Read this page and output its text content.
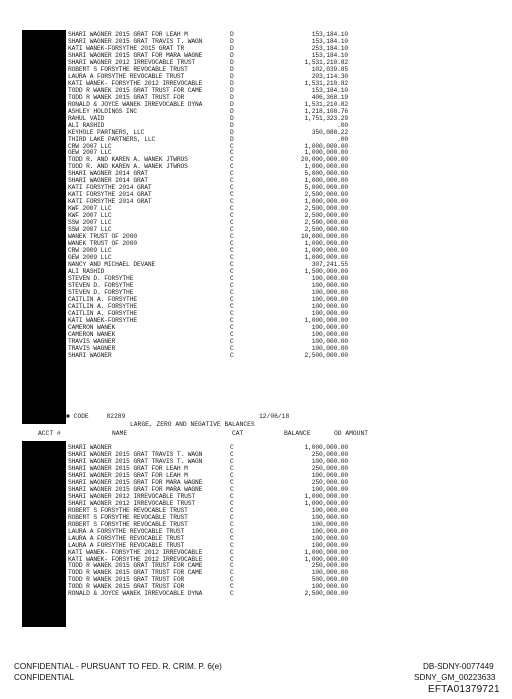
SHARI WAGNER 2015 GRAT FOR LEAH M	D	153,184.10
SHARI WAGNER 2015 GRAT TRAVIS T. WAGN	D	153,184.10
KATI WANEK-FORSYTHE 2015 GRAT TR	D	253,184.10
SHARI WAGNER 2015 GRAT FOR MARA WAGNE	D	153,184.10
SHARI WAGNER 2012 IRREVOCABLE TRUST	D	1,531,210.82
ROBERT S FORSYTHE REVOCABLE TRUST	D	102,039.85
LAURA A FORSYTHE REVOCABLE TRUST	D	203,114.30
KATI WANEK- FORSYTHE 2012 IRREVOCABLE	D	1,531,210.82
TODD R WANEK 2015 GRAT TRUST FOR CAME	D	153,184.10
TODD R WANEK 2015 GRAT TRUST FOR	D	406,368.19
RONALD & JOYCE WANEK IRREVOCABLE DYNA	D	1,531,210.82
ASHLEY HOLDINGS INC	D	1,218,108.76
RAHUL VAID	D	1,751,323.29
ALI RASHID	D	.00
KEYHOLE PARTNERS, LLC	D	350,088.22
THIRD LAKE PARTNERS, LLC	D	.00
CRW 2007 LLC	C	1,000,000.00
GEW 2007 LLC	C	1,000,000.00
TODD R. AND KAREN A. WANEK JTWROS	C	20,000,000.00
TODD R. AND KAREN A. WANEK JTWROS	C	1,000,000.00
SHARI WAGNER 2014 GRAT	C	5,000,000.00
SHARI WAGNER 2014 GRAT	C	1,000,000.00
KATI FORSYTHE 2014 GRAT	C	5,000,000.00
KATI FORSYTHE 2014 GRAT	C	2,500,000.00
KATI FORSYTHE 2014 GRAT	C	1,000,000.00
KWF 2007 LLC	C	2,500,000.00
KWF 2007 LLC	C	2,500,000.00
SSW 2007 LLC	C	2,500,000.00
SSW 2007 LLC	C	2,500,000.00
WANEK TRUST OF 2000	C	10,000,000.00
WANEK TRUST OF 2000	C	1,000,000.00
CRW 2009 LLC	C	1,000,000.00
GEW 2009 LLC	C	1,000,000.00
NANCY AND MICHAEL DEVANE	C	307,241.55
ALI RASHID	C	1,500,000.00
STEVEN D. FORSYTHE	C	100,000.00
STEVEN D. FORSYTHE	C	100,000.00
STEVEN D. FORSYTHE	C	100,000.00
CAITLIN A. FORSYTHE	C	100,000.00
CAITLIN A. FORSYTHE	C	100,000.00
CAITLIN A. FORSYTHE	C	100,000.00
KATI WANEK-FORSYTHE	C	1,000,000.00
CAMERON WANEK	C	100,000.00
CAMERON WANEK	C	100,000.00
TRAVIS WAGNER	C	100,000.00
TRAVIS WAGNER	C	100,000.00
SHARI WAGNER	C	2,500,000.00
■ CODE	82289	12/06/18
LARGE, ZERO AND NEGATIVE BALANCES
ACCT #	NAME	CAT	BALANCE	OD AMOUNT
SHARI WAGNER	C	1,000,000.00
SHARI WAGNER 2015 GRAT TRAVIS T. WAGN	C	250,000.00
SHARI WAGNER 2015 GRAT TRAVIS T. WAGN	C	100,000.00
SHARI WAGNER 2015 GRAT FOR LEAH M	C	250,000.00
SHARI WAGNER 2015 GRAT FOR LEAH M	C	100,000.00
SHARI WAGNER 2015 GRAT FOR MARA WAGNE	C	250,000.00
SHARI WAGNER 2015 GRAT FOR MARA WAGNE	C	100,000.00
SHARI WAGNER 2012 IRREVOCABLE TRUST	C	1,000,000.00
SHARI WAGNER 2012 IRREVOCABLE TRUST	C	1,000,000.00
ROBERT S FORSYTHE REVOCABLE TRUST	C	100,000.00
ROBERT S FORSYTHE REVOCABLE TRUST	C	100,000.00
ROBERT S FORSYTHE REVOCABLE TRUST	C	100,000.00
LAURA A FORSYTHE REVOCABLE TRUST	C	100,000.00
LAURA A FORSYTHE REVOCABLE TRUST	C	100,000.00
LAURA A FORSYTHE REVOCABLE TRUST	C	100,000.00
KATI WANEK- FORSYTHE 2012 IRREVOCABLE	C	1,000,000.00
KATI WANEK- FORSYTHE 2012 IRREVOCABLE	C	1,000,000.00
TODD R WANEK 2015 GRAT TRUST FOR CAME	C	250,000.00
TODD R WANEK 2015 GRAT TRUST FOR CAME	C	100,000.00
TODD R WANEK 2015 GRAT TRUST FOR	C	500,000.00
TODD R WANEK 2015 GRAT TRUST FOR	C	100,000.00
RONALD & JOYCE WANEK IRREVOCABLE DYNA	C	2,500,000.00
CONFIDENTIAL - PURSUANT TO FED. R. CRIM. P. 6(e)
CONFIDENTIAL
DB-SDNY-0077449
SDNY_GM_00223633
EFTA01379721
